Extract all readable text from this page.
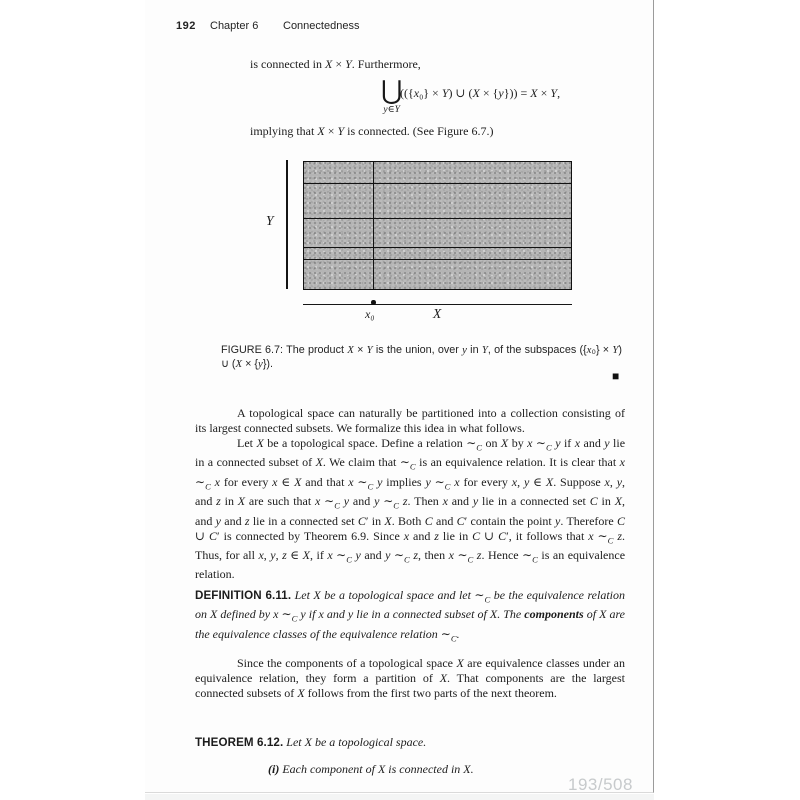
192 Chapter 6 Connectedness
is connected in X × Y. Furthermore,
⋃
y∈Y
(({x₀} × Y) ∪ (X × {y})) = X × Y,
implying that X × Y is connected. (See Figure 6.7.)
Y
x₀	X
FIGURE 6.7: The product X × Y is the union, over y in Y, of the subspaces ({x₀} × Y) ∪ (X × {y}).
■

A topological space can naturally be partitioned into a collection consisting of its largest connected subsets. We formalize this idea in what follows.

Let X be a topological space. Define a relation $\sim_C$ on X by x $\sim_C$ y if x and y lie in a connected subset of X. We claim that $\sim_C$ is an equivalence relation. It is clear that x $\sim_C$ x for every x ∈ X and that x $\sim_C$ y implies y $\sim_C$ x for every x, y ∈ X. Suppose x, y, and z in X are such that x $\sim_C$ y and y $\sim_C$ z. Then x and y lie in a connected set C in X, and y and z lie in a connected set C′ in X. Both C and C′ contain the point y. Therefore C ∪ C′ is connected by Theorem 6.9. Since x and z lie in C ∪ C′, it follows that x $\sim_C$ z. Thus, for all x, y, z ∈ X, if x $\sim_C$ y and y $\sim_C$ z, then x $\sim_C$ z. Hence $\sim_C$ is an equivalence relation.

DEFINITION 6.11. Let X be a topological space and let $\sim_C$ be the equivalence relation on X defined by x $\sim_C$ y if x and y lie in a connected subset of X. The components of X are the equivalence classes of the equivalence relation $\sim_C$.

Since the components of a topological space X are equivalence classes under an equivalence relation, they form a partition of X. That components are the largest connected subsets of X follows from the first two parts of the next theorem.

THEOREM 6.12. Let X be a topological space.
(i) Each component of X is connected in X.
193/508
